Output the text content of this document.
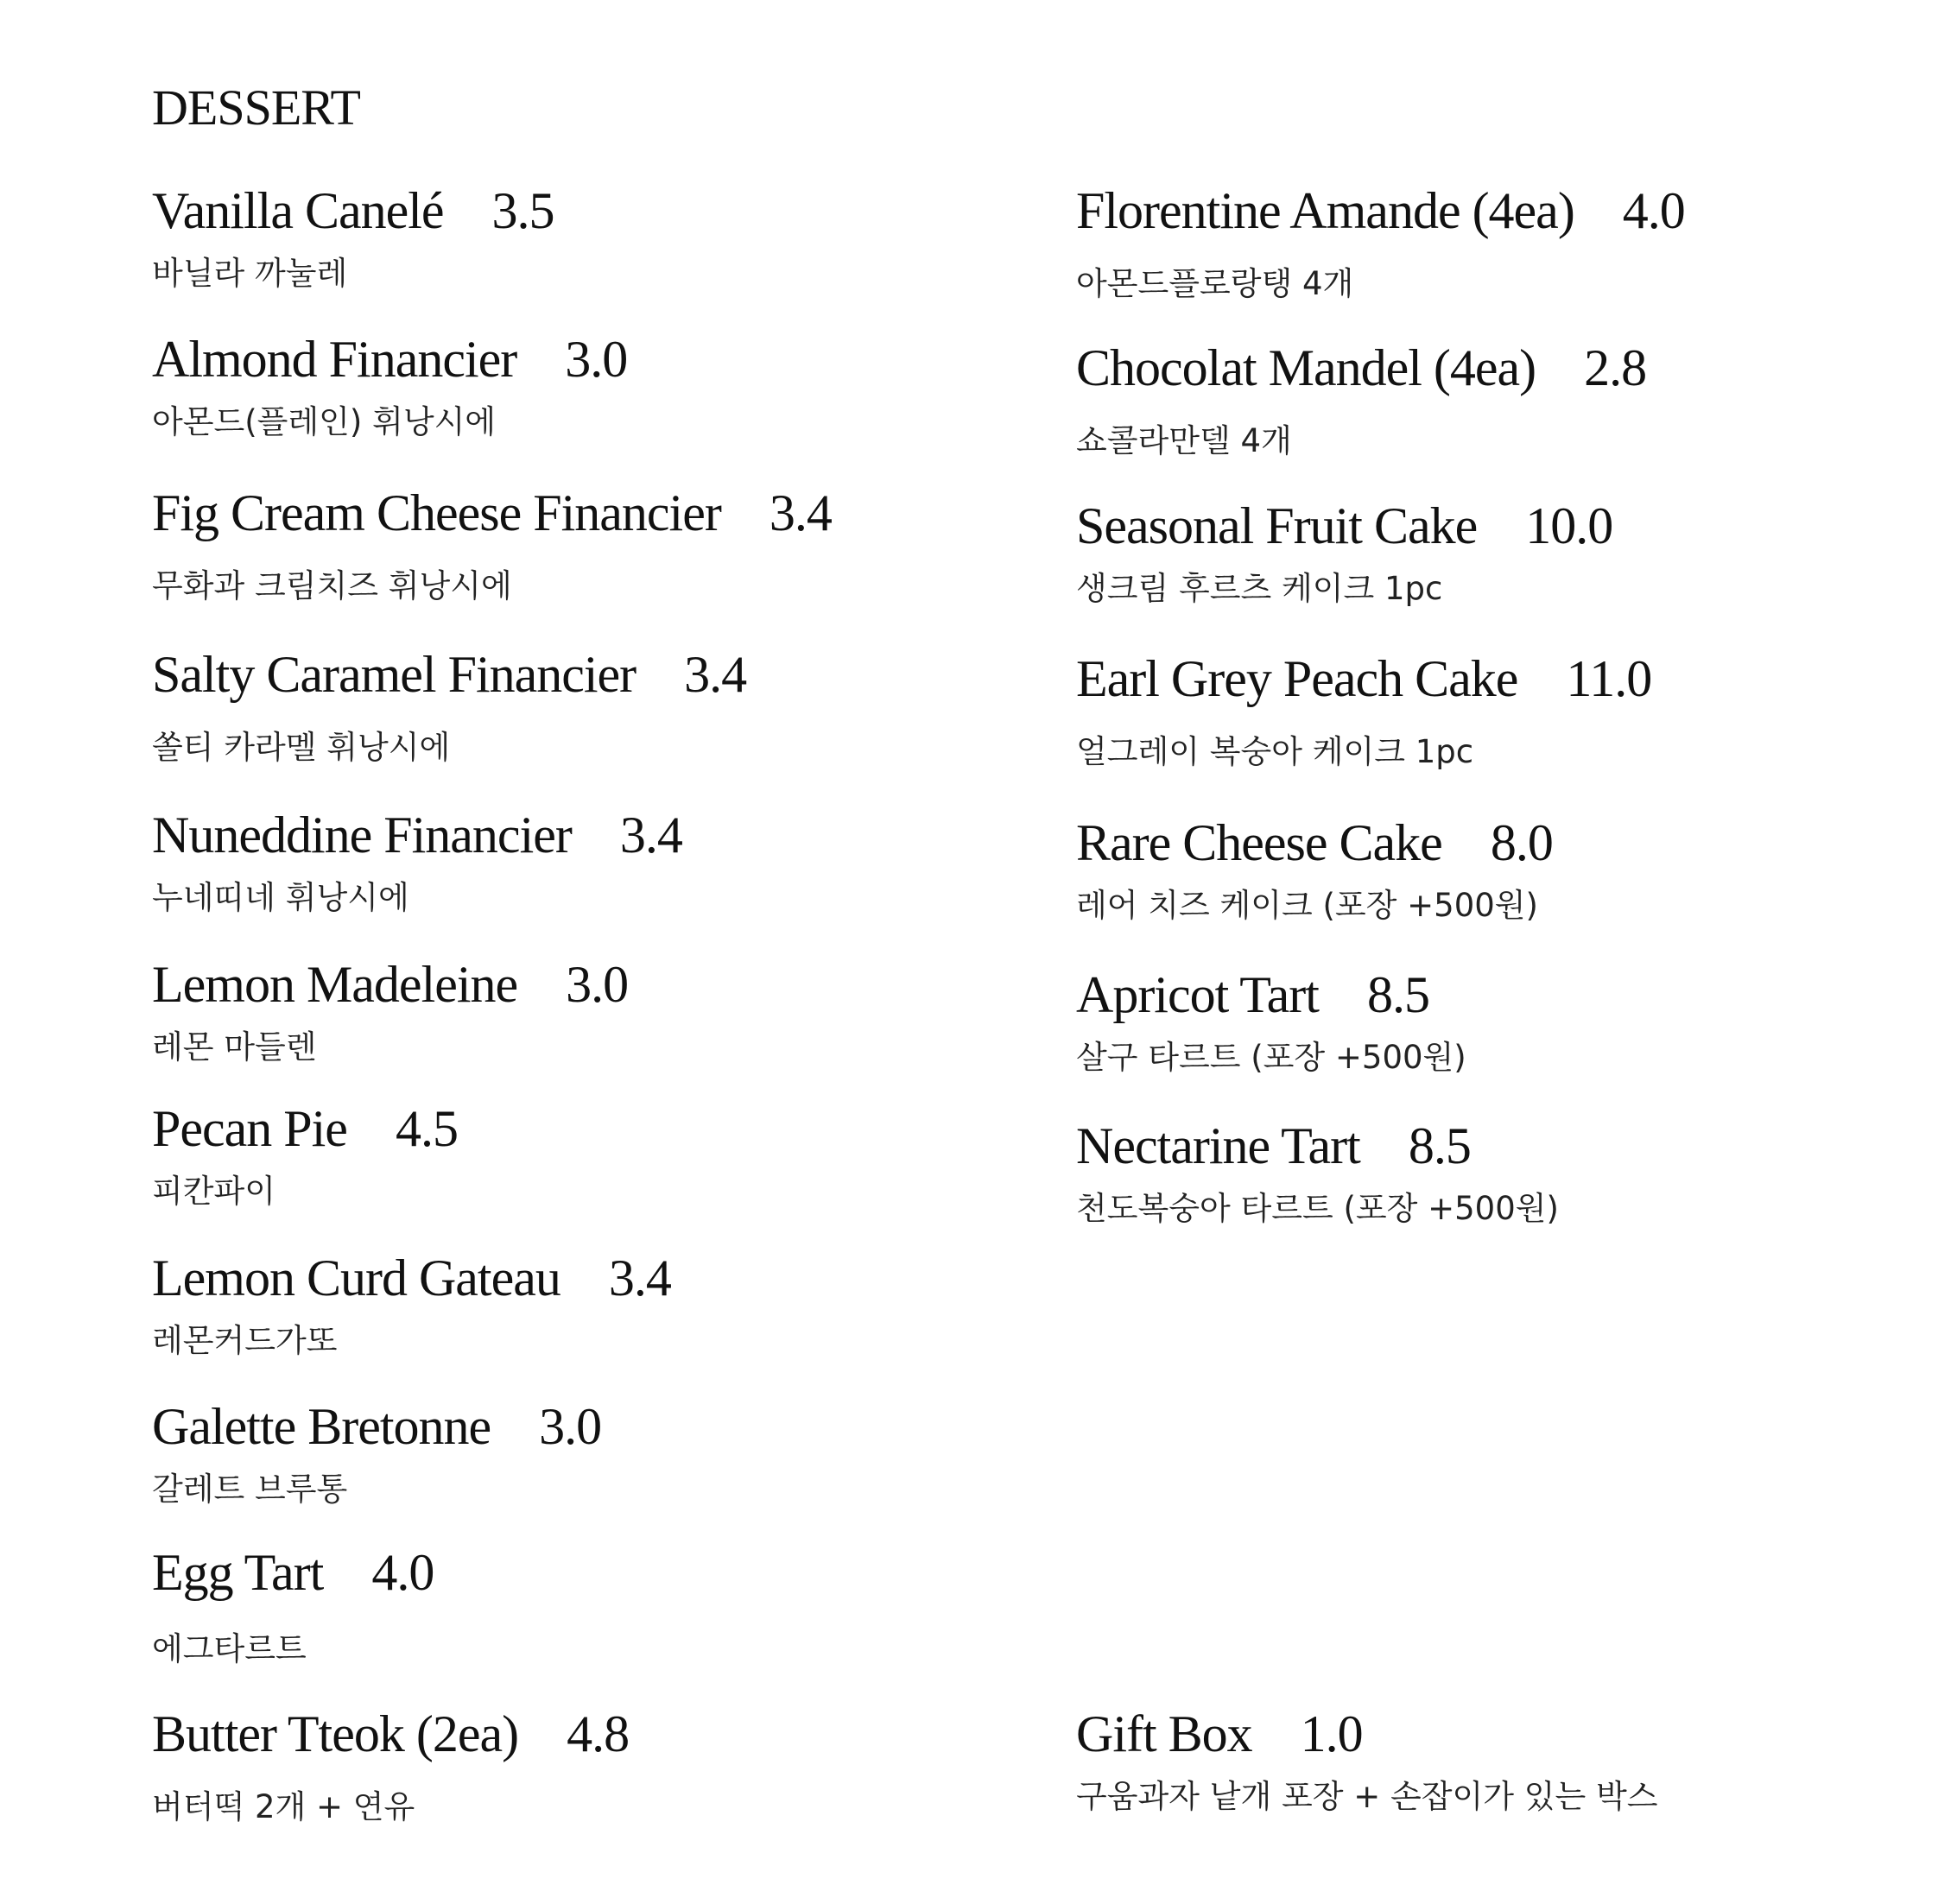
DESSERT
Vanilla Canelé 3.5
바닐라 까눌레
Almond Financier 3.0
아몬드(플레인) 휘낭시에
Fig Cream Cheese Financier 3.4
무화과 크림치즈 휘낭시에
Salty Caramel Financier 3.4
쏠티 카라멜 휘낭시에
Nuneddine Financier 3.4
누네띠네 휘낭시에
Lemon Madeleine 3.0
레몬 마들렌
Pecan Pie 4.5
피칸파이
Lemon Curd Gateau 3.4
레몬커드가또
Galette Bretonne 3.0
갈레트 브루통
Egg Tart 4.0
에그타르트
Butter Tteok (2ea) 4.8
버터떡 2개 + 연유
Florentine Amande (4ea) 4.0
아몬드플로랑탱 4개
Chocolat Mandel (4ea) 2.8
쇼콜라만델 4개
Seasonal Fruit Cake 10.0
생크림 후르츠 케이크 1pc
Earl Grey Peach Cake 11.0
얼그레이 복숭아 케이크 1pc
Rare Cheese Cake 8.0
레어 치즈 케이크 (포장 +500원)
Apricot Tart 8.5
살구 타르트 (포장 +500원)
Nectarine Tart 8.5
천도복숭아 타르트 (포장 +500원)
Gift Box 1.0
구움과자 낱개 포장 + 손잡이가 있는 박스
